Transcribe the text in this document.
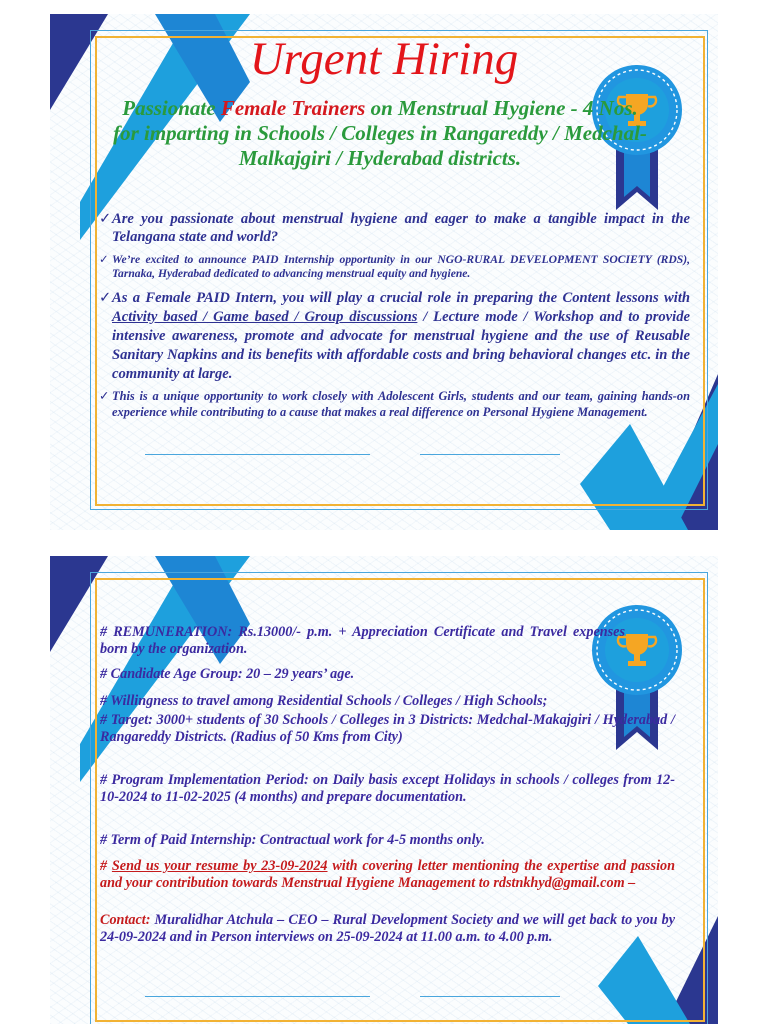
Urgent Hiring

Passionate Female Trainers on Menstrual Hygiene - 4 Nos. for imparting in Schools / Colleges in Rangareddy / Medchal-Malkajgiri / Hyderabad districts.

✓Are you passionate about menstrual hygiene and eager to make a tangible impact in the Telangana state and world?

✓ We’re excited to announce PAID Internship opportunity in our NGO-RURAL DEVELOPMENT SOCIETY (RDS), Tarnaka, Hyderabad dedicated to advancing menstrual equity and hygiene.

✓As a Female PAID Intern, you will play a crucial role in preparing the Content lessons with Activity based / Game based / Group discussions / Lecture mode / Workshop and to provide intensive awareness, promote and advocate for menstrual hygiene and the use of Reusable Sanitary Napkins and its benefits with affordable costs and bring behavioral changes etc. in the community at large.

✓ This is a unique opportunity to work closely with Adolescent Girls, students and our team, gaining hands-on experience while contributing to a cause that makes a real difference on Personal Hygiene Management.

# REMUNERATION: Rs.13000/- p.m. + Appreciation Certificate and Travel expenses born by the organization.

# Candidate Age Group: 20 – 29 years’ age.

# Willingness to travel among Residential Schools / Colleges / High Schools;

# Target: 3000+ students of 30 Schools / Colleges in 3 Districts: Medchal-Makajgiri / Hyderabad / Rangareddy Districts. (Radius of 50 Kms from City)

# Program Implementation Period: on Daily basis except Holidays in schools / colleges from 12-10-2024 to 11-02-2025 (4 months) and prepare documentation.

# Term of Paid Internship: Contractual work for 4-5 months only.

# Send us your resume by 23-09-2024 with covering letter mentioning the expertise and passion and your contribution towards Menstrual Hygiene Management to rdstnkhyd@gmail.com –

Contact: Muralidhar Atchula – CEO – Rural Development Society and we will get back to you by 24-09-2024 and in Person interviews on 25-09-2024 at 11.00 a.m. to 4.00 p.m.
